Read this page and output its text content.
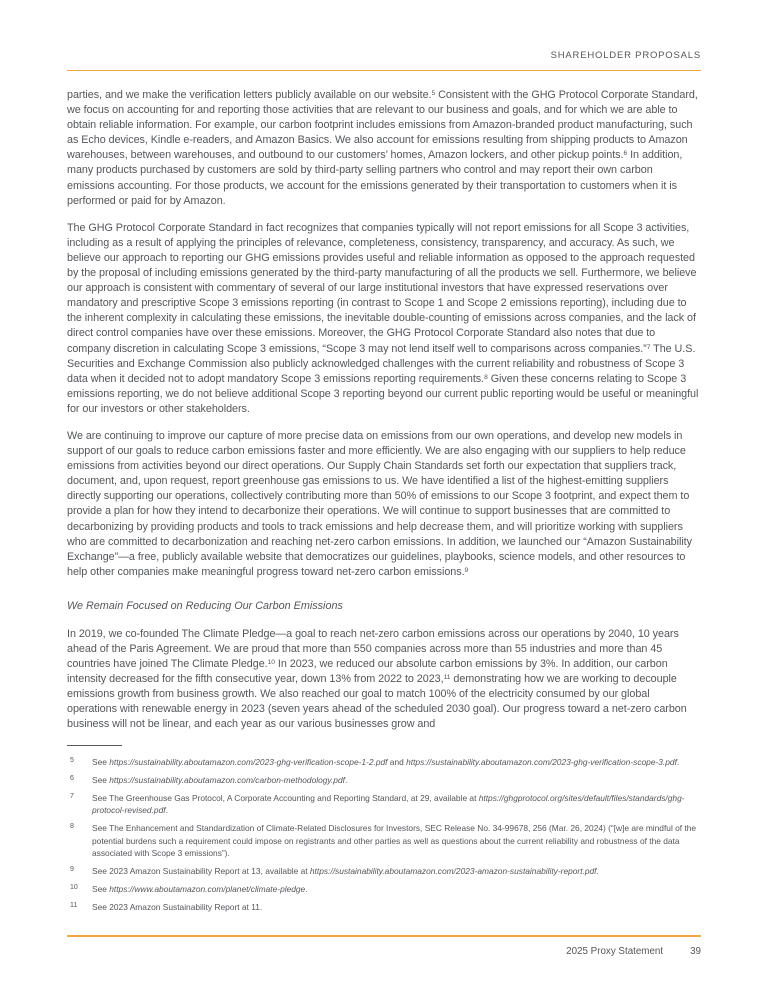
SHAREHOLDER PROPOSALS

parties, and we make the verification letters publicly available on our website.$^5$ Consistent with the GHG Protocol Corporate Standard, we focus on accounting for and reporting those activities that are relevant to our business and goals, and for which we are able to obtain reliable information. For example, our carbon footprint includes emissions from Amazon-branded product manufacturing, such as Echo devices, Kindle e-readers, and Amazon Basics. We also account for emissions resulting from shipping products to Amazon warehouses, between warehouses, and outbound to our customers’ homes, Amazon lockers, and other pickup points.$^6$ In addition, many products purchased by customers are sold by third-party selling partners who control and may report their own carbon emissions accounting. For those products, we account for the emissions generated by their transportation to customers when it is performed or paid for by Amazon.

The GHG Protocol Corporate Standard in fact recognizes that companies typically will not report emissions for all Scope 3 activities, including as a result of applying the principles of relevance, completeness, consistency, transparency, and accuracy. As such, we believe our approach to reporting our GHG emissions provides useful and reliable information as opposed to the approach requested by the proposal of including emissions generated by the third-party manufacturing of all the products we sell. Furthermore, we believe our approach is consistent with commentary of several of our large institutional investors that have expressed reservations over mandatory and prescriptive Scope 3 emissions reporting (in contrast to Scope 1 and Scope 2 emissions reporting), including due to the inherent complexity in calculating these emissions, the inevitable double-counting of emissions across companies, and the lack of direct control companies have over these emissions. Moreover, the GHG Protocol Corporate Standard also notes that due to company discretion in calculating Scope 3 emissions, “Scope 3 may not lend itself well to comparisons across companies.”$^7$ The U.S. Securities and Exchange Commission also publicly acknowledged challenges with the current reliability and robustness of Scope 3 data when it decided not to adopt mandatory Scope 3 emissions reporting requirements.$^8$ Given these concerns relating to Scope 3 emissions reporting, we do not believe additional Scope 3 reporting beyond our current public reporting would be useful or meaningful for our investors or other stakeholders.

We are continuing to improve our capture of more precise data on emissions from our own operations, and develop new models in support of our goals to reduce carbon emissions faster and more efficiently. We are also engaging with our suppliers to help reduce emissions from activities beyond our direct operations. Our Supply Chain Standards set forth our expectation that suppliers track, document, and, upon request, report greenhouse gas emissions to us. We have identified a list of the highest-emitting suppliers directly supporting our operations, collectively contributing more than 50% of emissions to our Scope 3 footprint, and expect them to provide a plan for how they intend to decarbonize their operations. We will continue to support businesses that are committed to decarbonizing by providing products and tools to track emissions and help decrease them, and will prioritize working with suppliers who are committed to decarbonization and reaching net-zero carbon emissions. In addition, we launched our “Amazon Sustainability Exchange”—a free, publicly available website that democratizes our guidelines, playbooks, science models, and other resources to help other companies make meaningful progress toward net-zero carbon emissions.$^9$

We Remain Focused on Reducing Our Carbon Emissions

In 2019, we co-founded The Climate Pledge—a goal to reach net-zero carbon emissions across our operations by 2040, 10 years ahead of the Paris Agreement. We are proud that more than 550 companies across more than 55 industries and more than 45 countries have joined The Climate Pledge.$^{10}$ In 2023, we reduced our absolute carbon emissions by 3%. In addition, our carbon intensity decreased for the fifth consecutive year, down 13% from 2022 to 2023,11 demonstrating how we are working to decouple emissions growth from business growth. We also reached our goal to match 100% of the electricity consumed by our global operations with renewable energy in 2023 (seven years ahead of the scheduled 2030 goal). Our progress toward a net-zero carbon business will not be linear, and each year as our various businesses grow and

5	See https://sustainability.aboutamazon.com/2023-ghg-verification-scope-1-2.pdf and https://sustainability.aboutamazon.com/2023-ghg-verification-scope-3.pdf.
6	See https://sustainability.aboutamazon.com/carbon-methodology.pdf.
7	See The Greenhouse Gas Protocol, A Corporate Accounting and Reporting Standard, at 29, available at https://ghgprotocol.org/sites/default/files/standards/ghg-protocol-revised.pdf.
8	See The Enhancement and Standardization of Climate-Related Disclosures for Investors, SEC Release No. 34-99678, 256 (Mar. 26, 2024) (“[w]e are mindful of the potential burdens such a requirement could impose on registrants and other parties as well as questions about the current reliability and robustness of the data associated with Scope 3 emissions”).
9	See 2023 Amazon Sustainability Report at 13, available at https://sustainability.aboutamazon.com/2023-amazon-sustainability-report.pdf.
10	See https://www.aboutamazon.com/planet/climate-pledge.
11	See 2023 Amazon Sustainability Report at 11.
2025 Proxy Statement	39
